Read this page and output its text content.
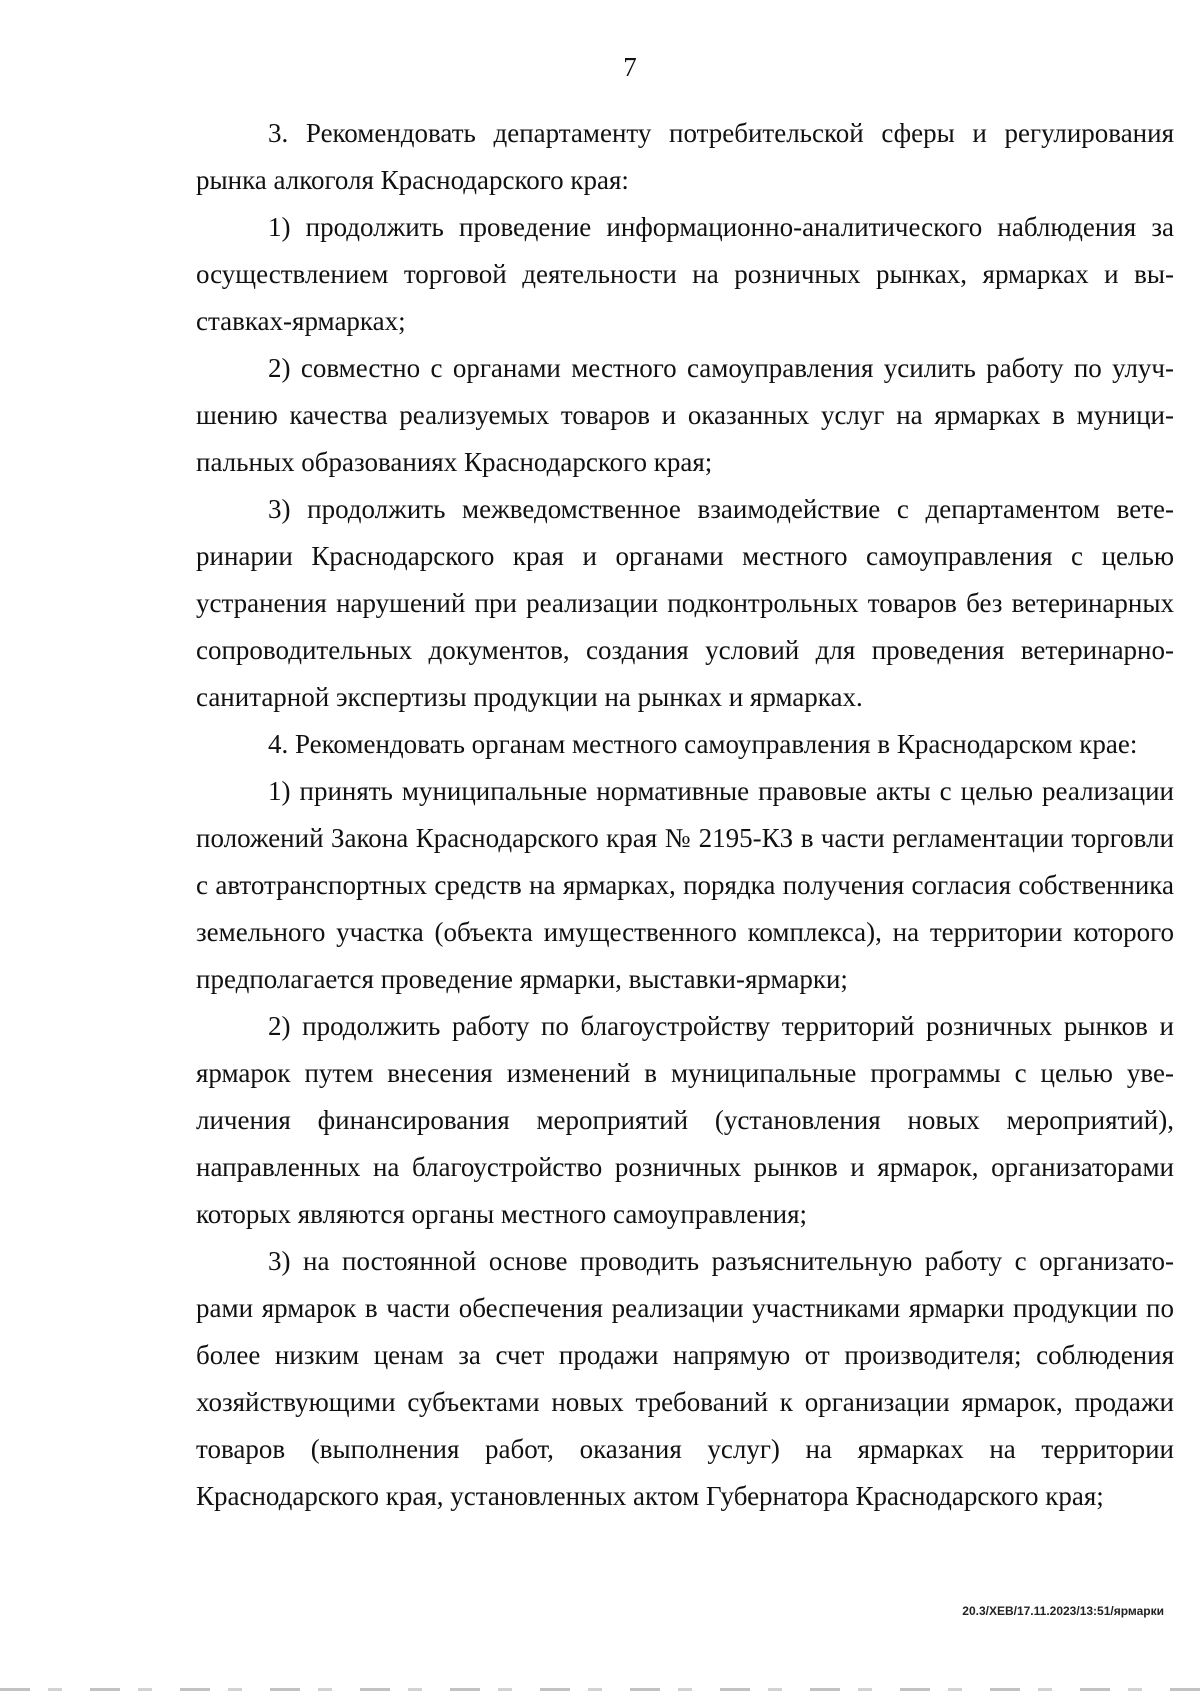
7

3. Рекомендовать департаменту потребительской сферы и регулирования рынка алкоголя Краснодарского края:

1) продолжить проведение информационно-аналитического наблюдения за осуществлением торговой деятельности на розничных рынках, ярмарках и выставках-ярмарках;

2) совместно с органами местного самоуправления усилить работу по улучшению качества реализуемых товаров и оказанных услуг на ярмарках в муниципальных образованиях Краснодарского края;

3) продолжить межведомственное взаимодействие с департаментом ветеринарии Краснодарского края и органами местного самоуправления с целью устранения нарушений при реализации подконтрольных товаров без ветеринарных сопроводительных документов, создания условий для проведения ветеринарно-санитарной экспертизы продукции на рынках и ярмарках.

4. Рекомендовать органам местного самоуправления в Краснодарском крае:

1) принять муниципальные нормативные правовые акты с целью реализации положений Закона Краснодарского края № 2195-КЗ в части регламентации торговли с автотранспортных средств на ярмарках, порядка получения согласия собственника земельного участка (объекта имущественного комплекса), на территории которого предполагается проведение ярмарки, выставки-ярмарки;

2) продолжить работу по благоустройству территорий розничных рынков и ярмарок путем внесения изменений в муниципальные программы с целью увеличения финансирования мероприятий (установления новых мероприятий), направленных на благоустройство розничных рынков и ярмарок, организаторами которых являются органы местного самоуправления;

3) на постоянной основе проводить разъяснительную работу с организаторами ярмарок в части обеспечения реализации участниками ярмарки продукции по более низким ценам за счет продажи напрямую от производителя; соблюдения хозяйствующими субъектами новых требований к организации ярмарок, продажи товаров (выполнения работ, оказания услуг) на ярмарках на территории Краснодарского края, установленных актом Губернатора Краснодарского края;

20.3/ХЕВ/17.11.2023/13:51/ярмарки
